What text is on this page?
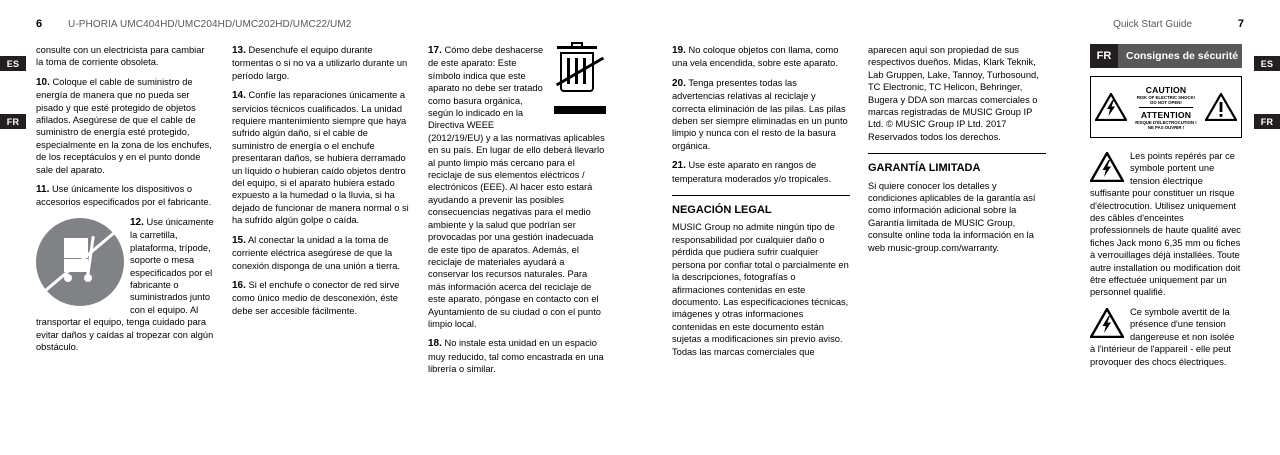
6	U-PHORIA UMC404HD/UMC204HD/UMC202HD/UMC22/UM2	Quick Start Guide	7
ES
FR
ES
FR

consulte con un electricista para cambiar la toma de corriente obsoleta.

10. Coloque el cable de suministro de energía de manera que no pueda ser pisado y que esté protegido de objetos afilados. Asegúrese de que el cable de suministro de energía esté protegido, especialmente en la zona de los enchufes, de los receptáculos y en el punto donde sale del aparato.

11. Use únicamente los dispositivos o accesorios especificados por el fabricante.

12. Use únicamente la carretilla, plataforma, trípode, soporte o mesa especificados por el fabricante o suministrados junto con el equipo. Al transportar el equipo, tenga cuidado para evitar daños y caídas al tropezar con algún obstáculo.

13. Desenchufe el equipo durante tormentas o si no va a utilizarlo durante un período largo.

14. Confíe las reparaciones únicamente a servicios técnicos cualificados. La unidad requiere mantenimiento siempre que haya sufrido algún daño, si el cable de suministro de energía o el enchufe presentaran daños, se hubiera derramado un líquido o hubieran caído objetos dentro del equipo, si el aparato hubiera estado expuesto a la humedad o la lluvia, si ha dejado de funcionar de manera normal o si ha sufrido algún golpe o caída.

15. Al conectar la unidad a la toma de corriente eléctrica asegúrese de que la conexión disponga de una unión a tierra.

16. Si el enchufe o conector de red sirve como único medio de desconexión, éste debe ser accesible fácilmente.

17. Cómo debe deshacerse de este aparato: Este símbolo indica que este aparato no debe ser tratado como basura orgánica, según lo indicado en la Directiva WEEE (2012/19/EU) y a las normativas aplicables en su país. En lugar de ello deberá llevarlo al punto limpio más cercano para el reciclaje de sus elementos eléctricos / electrónicos (EEE). Al hacer esto estará ayudando a prevenir las posibles consecuencias negativas para el medio ambiente y la salud que podrían ser provocadas por una gestión inadecuada de este tipo de aparatos. Además, el reciclaje de materiales ayudará a conservar los recursos naturales. Para más información acerca del reciclaje de este aparato, póngase en contacto con el Ayuntamiento de su ciudad o con el punto limpio local.

18. No instale esta unidad en un espacio muy reducido, tal como encastrada en una librería o similar.

19. No coloque objetos con llama, como una vela encendida, sobre este aparato.

20. Tenga presentes todas las advertencias relativas al reciclaje y correcta eliminación de las pilas. Las pilas deben ser siempre eliminadas en un punto limpio y nunca con el resto de la basura orgánica.

21. Use este aparato en rangos de temperatura moderados y/o tropicales.

NEGACIÓN LEGAL

MUSIC Group no admite ningún tipo de responsabilidad por cualquier daño o pérdida que pudiera sufrir cualquier persona por confiar total o parcialmente en la descripciones, fotografías o afirmaciones contenidas en este documento. Las especificaciones técnicas, imágenes y otras informaciones contenidas en este documento están sujetas a modificaciones sin previo aviso. Todas las marcas comerciales que

aparecen aquí son propiedad de sus respectivos dueños. Midas, Klark Teknik, Lab Gruppen, Lake, Tannoy, Turbosound, TC Electronic, TC Helicon, Behringer, Bugera y DDA son marcas comerciales o marcas registradas de MUSIC Group IP Ltd. © MUSIC Group IP Ltd. 2017 Reservados todos los derechos.

GARANTÍA LIMITADA

Si quiere conocer los detalles y condiciones aplicables de la garantía así como información adicional sobre la Garantía limitada de MUSIC Group, consulte online toda la información en la web music-group.com/warranty.

FR	Consignes de sécurité
CAUTION
RISK OF ELECTRIC SHOCK!
DO NOT OPEN!
ATTENTION
RISQUE D'ÉLECTROCUTION !
NE PAS OUVRIR !

Les points repérés par ce symbole portent une tension électrique suffisante pour constituer un risque d'électrocution. Utilisez uniquement des câbles d'enceintes professionnels de haute qualité avec fiches Jack mono 6,35 mm ou fiches à verrouillages déjà installées. Toute autre installation ou modification doit être effectuée uniquement par un personnel qualifié.

Ce symbole avertit de la présence d'une tension dangereuse et non isolée à l'intérieur de l'appareil - elle peut provoquer des chocs électriques.
